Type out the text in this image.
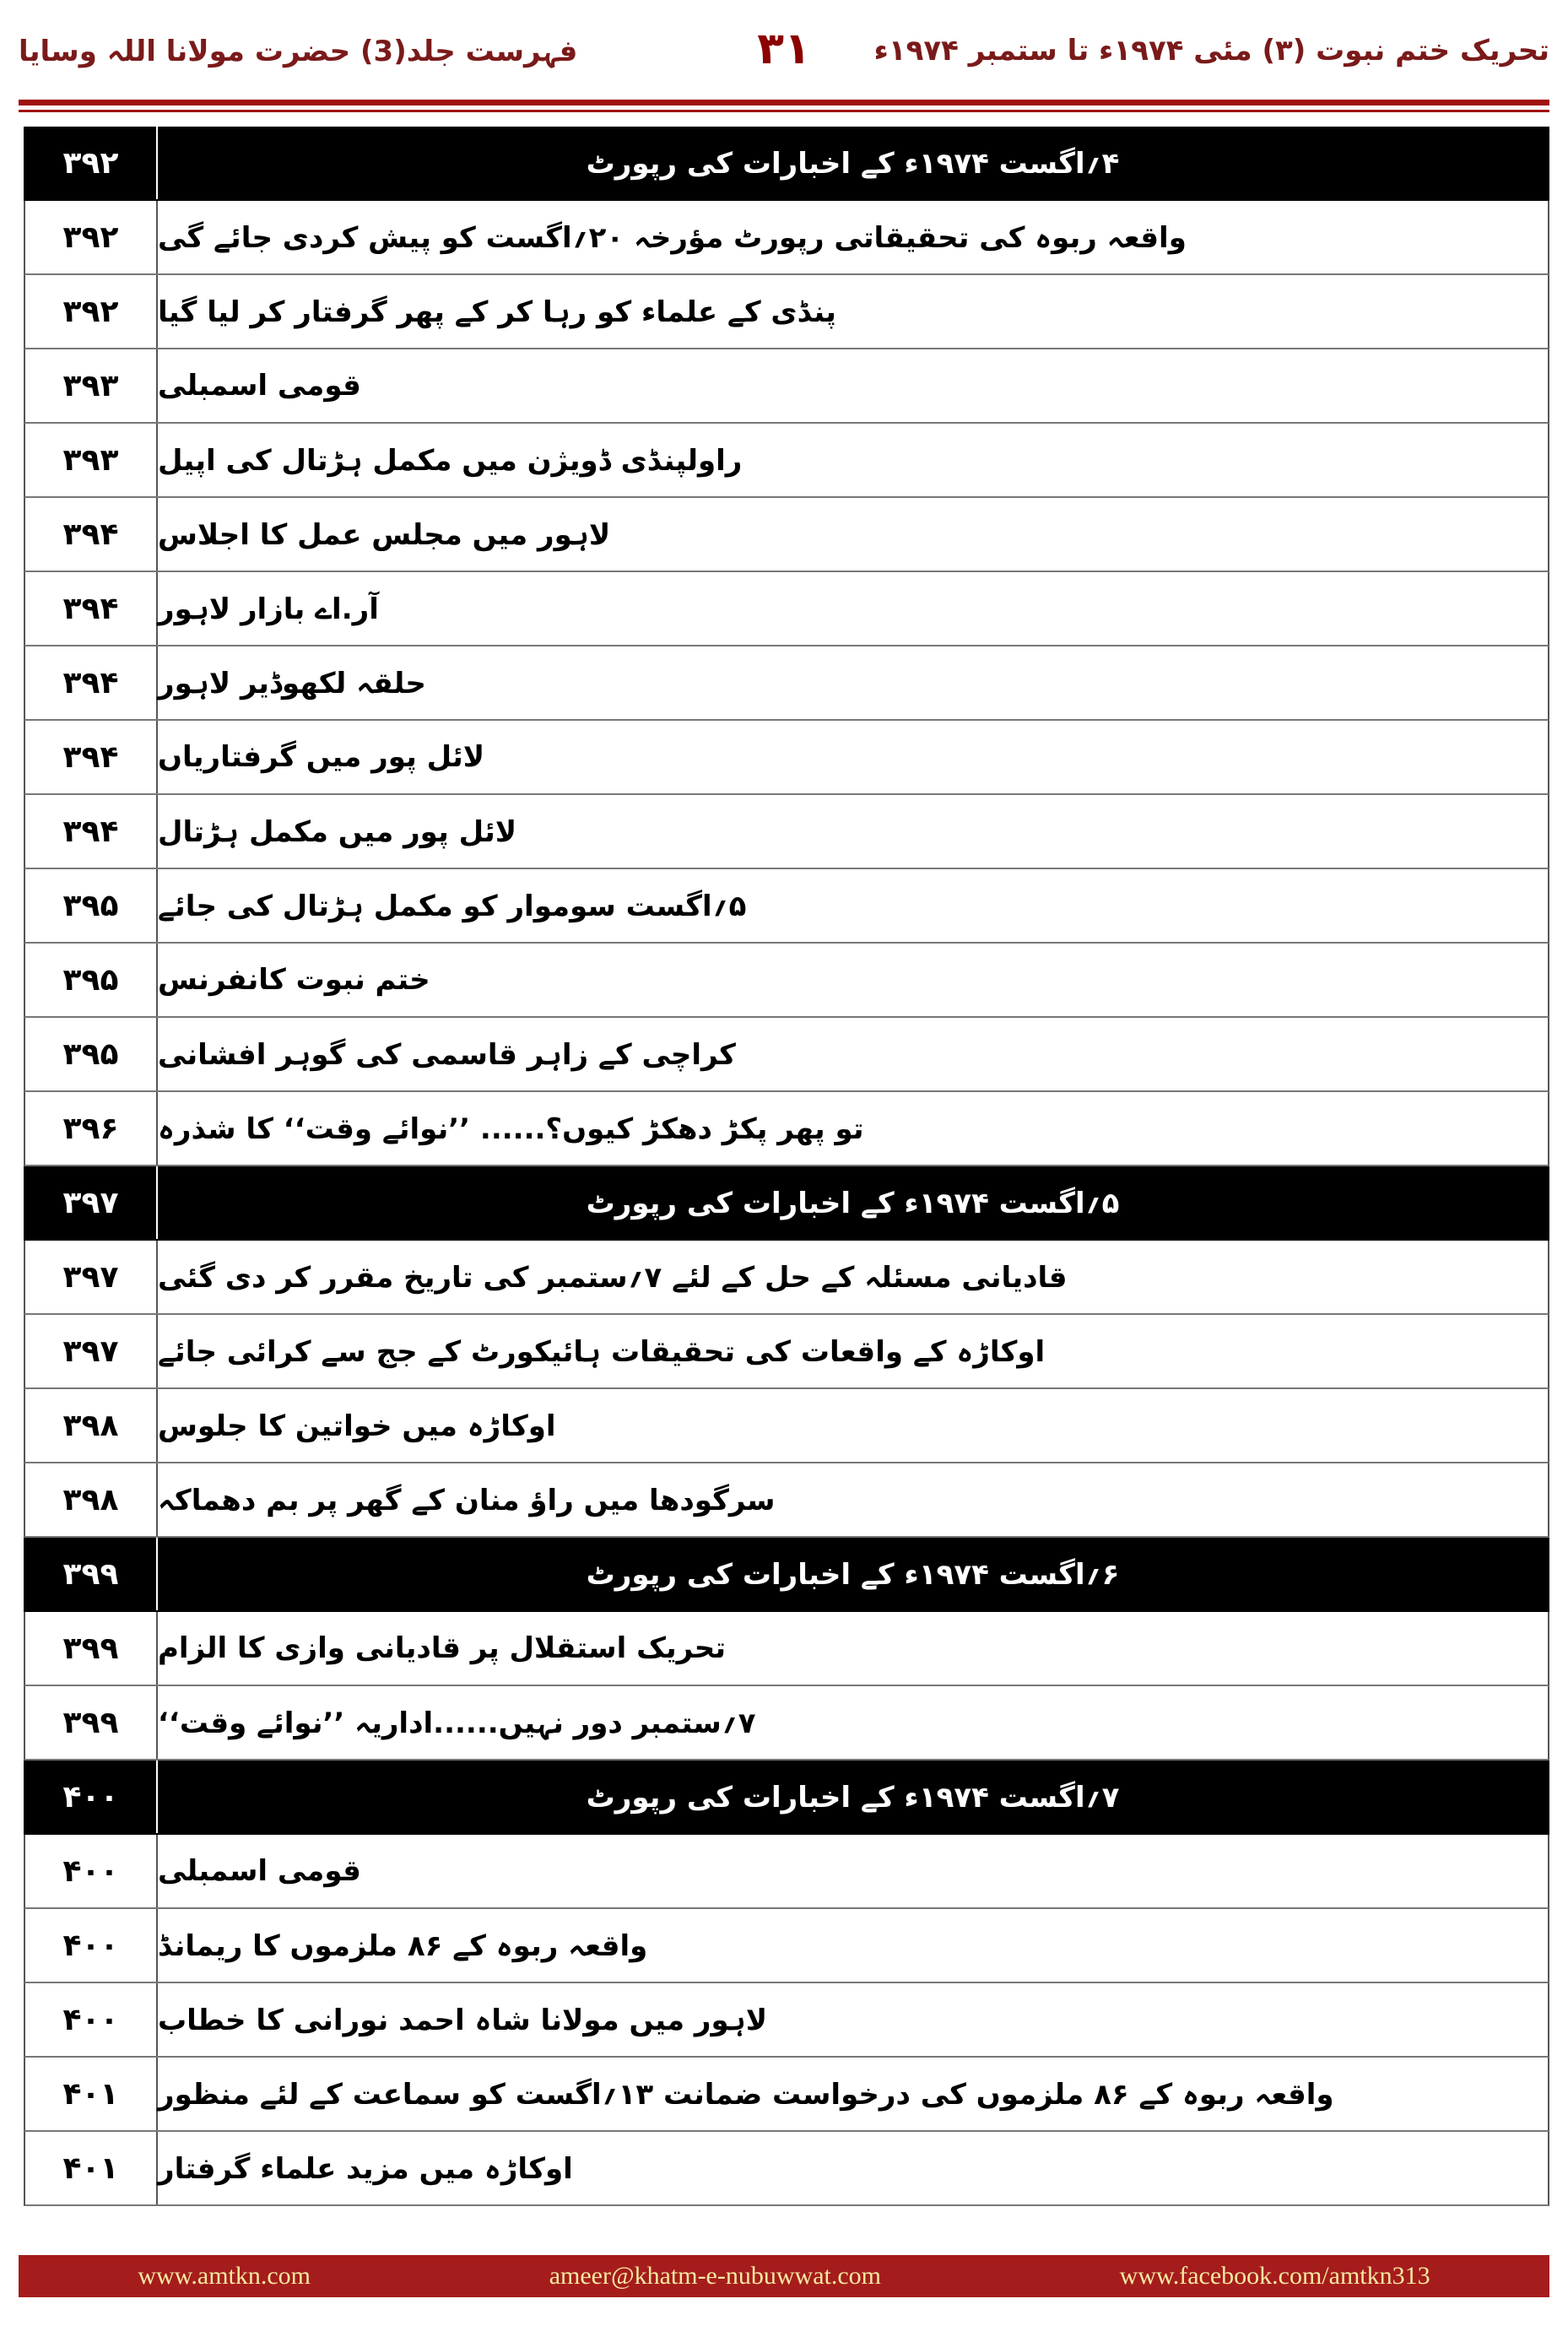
فہرست جلد(3) حضرت مولانا اللہ وسایا	۳۱	تحریک ختم نبوت (۳) مئی ۱۹۷۴ء تا ستمبر ۱۹۷۴ء
۳۹۲	۴؍اگست ۱۹۷۴ء کے اخبارات کی رپورٹ
۳۹۲	واقعہ ربوہ کی تحقیقاتی رپورٹ مؤرخہ ۲۰؍اگست کو پیش کردی جائے گی
۳۹۲	پنڈی کے علماء کو رہا کر کے پھر گرفتار کر لیا گیا
۳۹۳	قومی اسمبلی
۳۹۳	راولپنڈی ڈویژن میں مکمل ہڑتال کی اپیل
۳۹۴	لاہور میں مجلس عمل کا اجلاس
۳۹۴	آر.اے بازار لاہور
۳۹۴	حلقہ لکھوڈیر لاہور
۳۹۴	لائل پور میں گرفتاریاں
۳۹۴	لائل پور میں مکمل ہڑتال
۳۹۵	۵؍اگست سوموار کو مکمل ہڑتال کی جائے
۳۹۵	ختم نبوت کانفرنس
۳۹۵	کراچی کے زاہر قاسمی کی گوہر افشانی
۳۹۶	تو پھر پکڑ دھکڑ کیوں؟...... ’’نوائے وقت‘‘ کا شذرہ
۳۹۷	۵؍اگست ۱۹۷۴ء کے اخبارات کی رپورٹ
۳۹۷	قادیانی مسئلہ کے حل کے لئے ۷؍ستمبر کی تاریخ مقرر کر دی گئی
۳۹۷	اوکاڑہ کے واقعات کی تحقیقات ہائیکورٹ کے جج سے کرائی جائے
۳۹۸	اوکاڑہ میں خواتین کا جلوس
۳۹۸	سرگودھا میں راؤ منان کے گھر پر بم دھماکہ
۳۹۹	۶؍اگست ۱۹۷۴ء کے اخبارات کی رپورٹ
۳۹۹	تحریک استقلال پر قادیانی وازی کا الزام
۳۹۹	۷؍ستمبر دور نہیں......اداریہ ’’نوائے وقت‘‘
۴۰۰	۷؍اگست ۱۹۷۴ء کے اخبارات کی رپورٹ
۴۰۰	قومی اسمبلی
۴۰۰	واقعہ ربوہ کے ۸۶ ملزموں کا ریمانڈ
۴۰۰	لاہور میں مولانا شاہ احمد نورانی کا خطاب
۴۰۱	واقعہ ربوہ کے ۸۶ ملزموں کی درخواست ضمانت ۱۳؍اگست کو سماعت کے لئے منظور
۴۰۱	اوکاڑہ میں مزید علماء گرفتار
www.amtkn.com	ameer@khatm-e-nubuwwat.com	www.facebook.com/amtkn313
